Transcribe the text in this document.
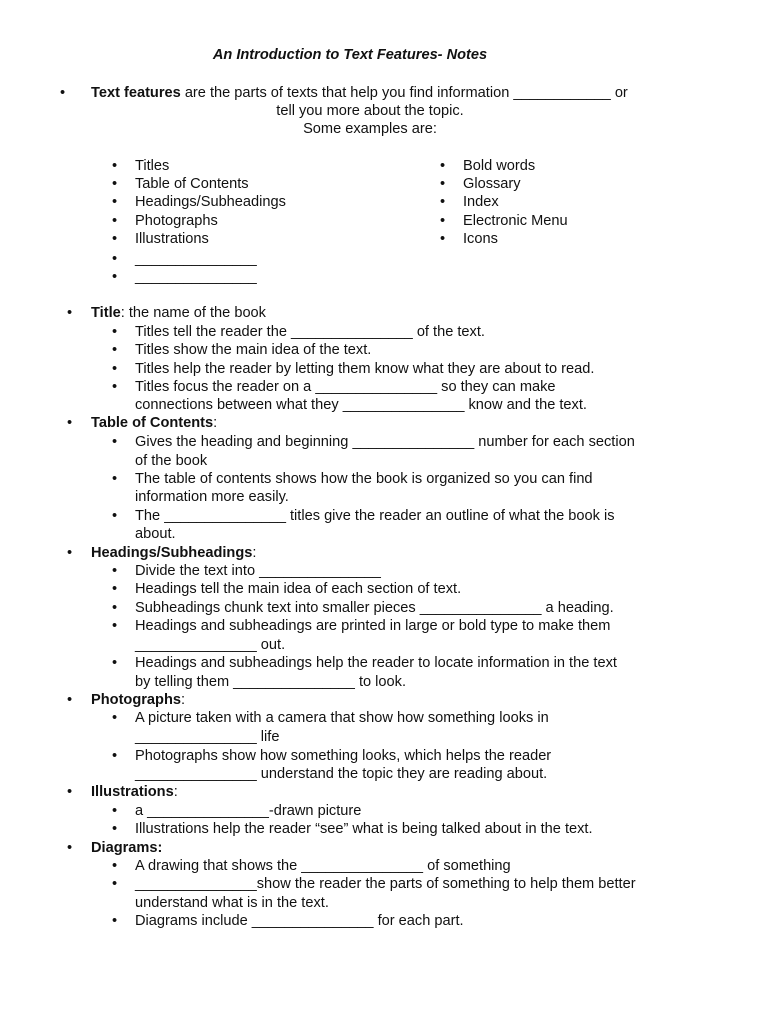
An Introduction to Text Features- Notes
• Text features are the parts of texts that help you find information ____________ or
tell you more about the topic.
Some examples are:
• Titles
• Table of Contents
• Headings/Subheadings
• Photographs
• Illustrations
• _______________
• _______________
• Bold words
• Glossary
• Index
• Electronic Menu
• Icons
• Title: the name of the book
• Titles tell the reader the _______________ of the text.
• Titles show the main idea of the text.
• Titles help the reader by letting them know what they are about to read.
• Titles focus the reader on a _______________ so they can make
connections between what they _______________ know and the text.
• Table of Contents:
• Gives the heading and beginning _______________ number for each section
of the book
• The table of contents shows how the book is organized so you can find
information more easily.
• The _______________ titles give the reader an outline of what the book is
about.
• Headings/Subheadings:
• Divide the text into _______________
• Headings tell the main idea of each section of text.
• Subheadings chunk text into smaller pieces _______________ a heading.
• Headings and subheadings are printed in large or bold type to make them
_______________ out.
• Headings and subheadings help the reader to locate information in the text
by telling them _______________ to look.
• Photographs:
• A picture taken with a camera that show how something looks in
_______________ life
• Photographs show how something looks, which helps the reader
_______________ understand the topic they are reading about.
• Illustrations:
• a _______________-drawn picture
• Illustrations help the reader “see” what is being talked about in the text.
• Diagrams:
• A drawing that shows the _______________ of something
• _______________show the reader the parts of something to help them better
understand what is in the text.
• Diagrams include _______________ for each part.
